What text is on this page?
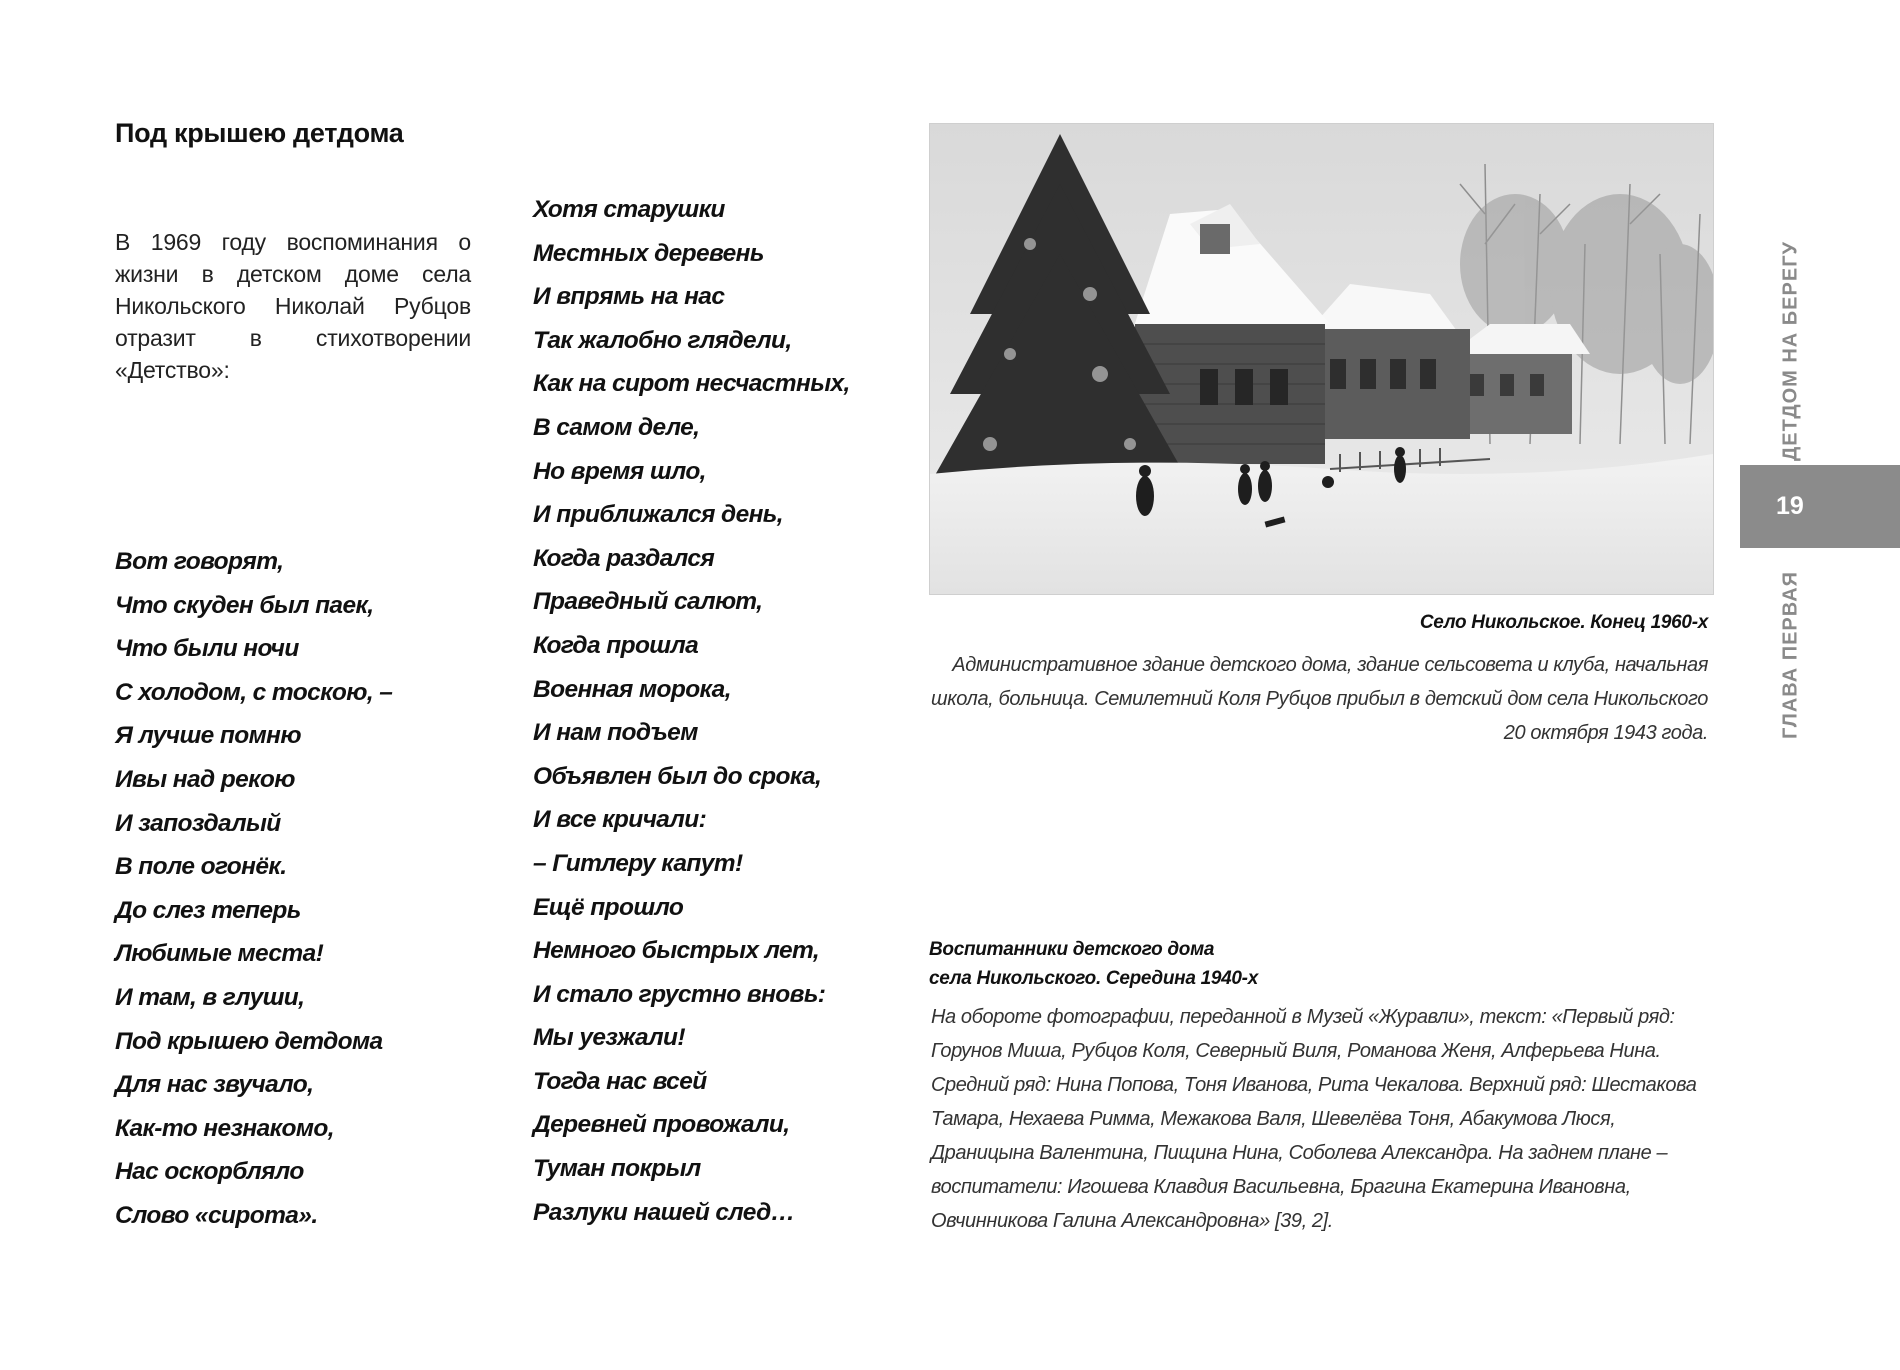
Под крышею детдома
В 1969 году воспоминания о жизни в детском доме села Никольского Николай Рубцов отразит в стихотворении «Детство»:
Вот говорят,
Что скуден был паек,
Что были ночи
С холодом, с тоскою, –
Я лучше помню
Ивы над рекою
И запоздалый
В поле огонёк.
До слез теперь
Любимые места!
И там, в глуши,
Под крышею детдома
Для нас звучало,
Как-то незнакомо,
Нас оскорбляло
Слово «сирота».
Хотя старушки
Местных деревень
И впрямь на нас
Так жалобно глядели,
Как на сирот несчастных,
В самом деле,
Но время шло,
И приближался день,
Когда раздался
Праведный салют,
Когда прошла
Военная морока,
И нам подъем
Объявлен был до срока,
И все кричали:
– Гитлеру капут!
Ещё прошло
Немного быстрых лет,
И стало грустно вновь:
Мы уезжали!
Тогда нас всей
Деревней провожали,
Туман покрыл
Разлуки нашей след…
Село Никольское. Конец 1960-х
Административное здание детского дома, здание сельсовета и клуба, начальная школа, больница. Семилетний Коля Рубцов прибыл в детский дом села Никольского 20 октября 1943 года.
Воспитанники детского дома
села Никольского. Середина 1940-х
На обороте фотографии, переданной в Музей «Журавли», текст: «Первый ряд: Горунов Миша, Рубцов Коля, Северный Виля, Романова Женя, Алферьева Нина. Средний ряд: Нина Попова, Тоня Иванова, Рита Чекалова. Верхний ряд: Шестакова Тамара, Нехаева Римма, Межакова Валя, Шевелёва Тоня, Абакумова Люся, Драницына Валентина, Пищина Нина, Соболева Александра. На заднем плане – воспитатели: Игошева Клавдия Васильевна, Брагина Екатерина Ивановна, Овчинникова Галина Александровна» [39, 2].
ДЕТДОМ НА БЕРЕГУ
19
ГЛАВА ПЕРВАЯ
